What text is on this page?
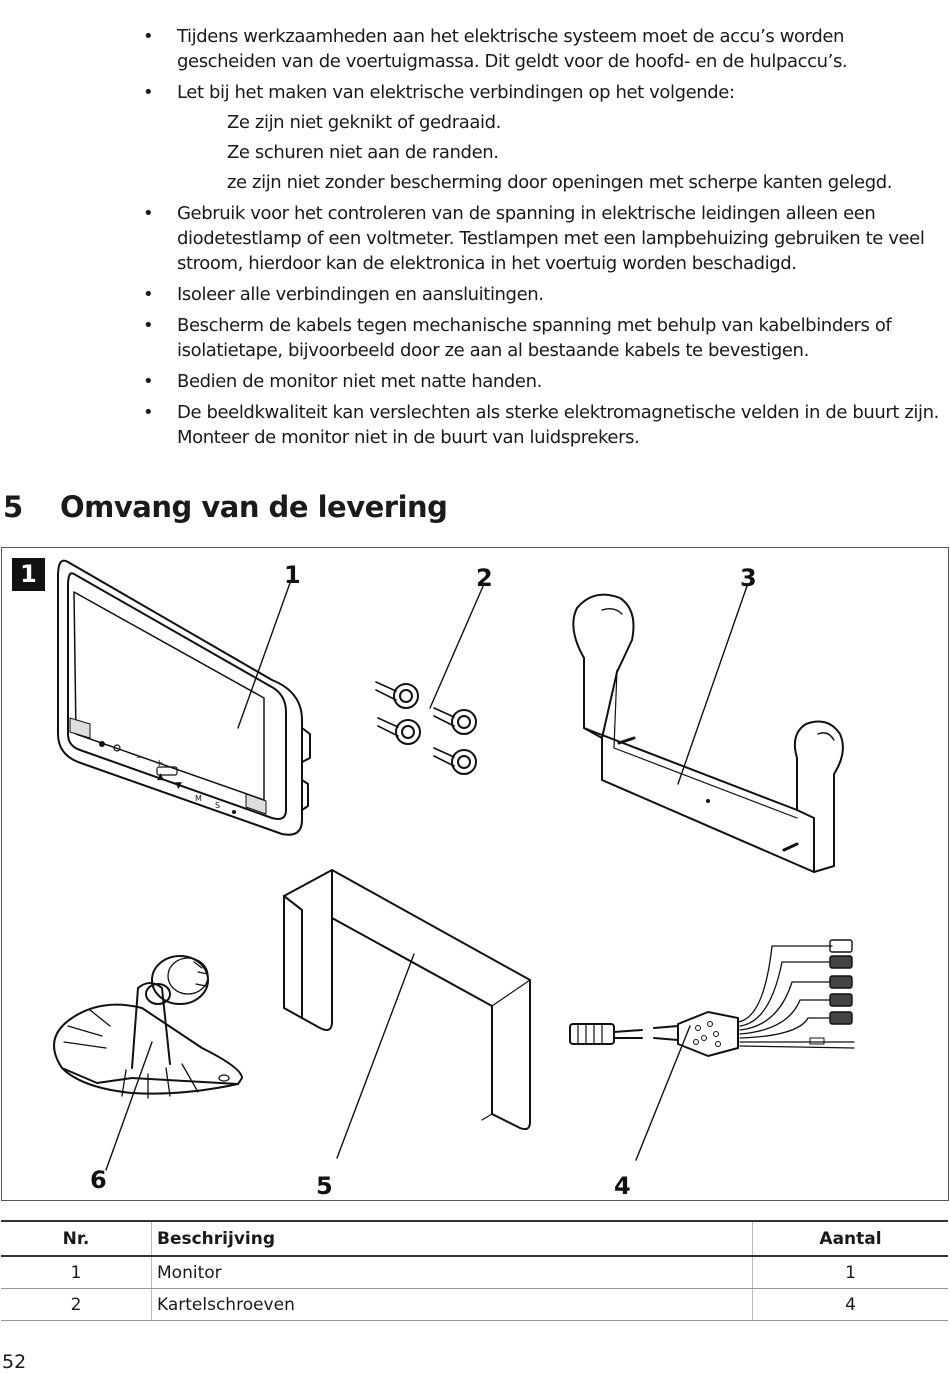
• Tijdens werkzaamheden aan het elektrische systeem moet de accu’s worden gescheiden van de voertuigmassa. Dit geldt voor de hoofd- en de hulpaccu’s.
• Let bij het maken van elektrische verbindingen op het volgende:
Ze zijn niet geknikt of gedraaid.
Ze schuren niet aan de randen.
ze zijn niet zonder bescherming door openingen met scherpe kanten gelegd.
• Gebruik voor het controleren van de spanning in elektrische leidingen alleen een diodetestlamp of een voltmeter. Testlampen met een lampbehuizing gebruiken te veel stroom, hierdoor kan de elektronica in het voertuig worden beschadigd.
• Isoleer alle verbindingen en aansluitingen.
• Bescherm de kabels tegen mechanische spanning met behulp van kabelbinders of isolatietape, bijvoorbeeld door ze aan al bestaande kabels te bevestigen.
• Bedien de monitor niet met natte handen.
• De beeldkwaliteit kan verslechten als sterke elektromagnetische velden in de buurt zijn. Monteer de monitor niet in de buurt van luidsprekers.
5 Omvang van de levering
1
–
+
▲
▼
M
S
1	2	3
4
5
6
Nr.	Beschrijving	Aantal
1	Monitor	1
2	Kartelschroeven	4
52
